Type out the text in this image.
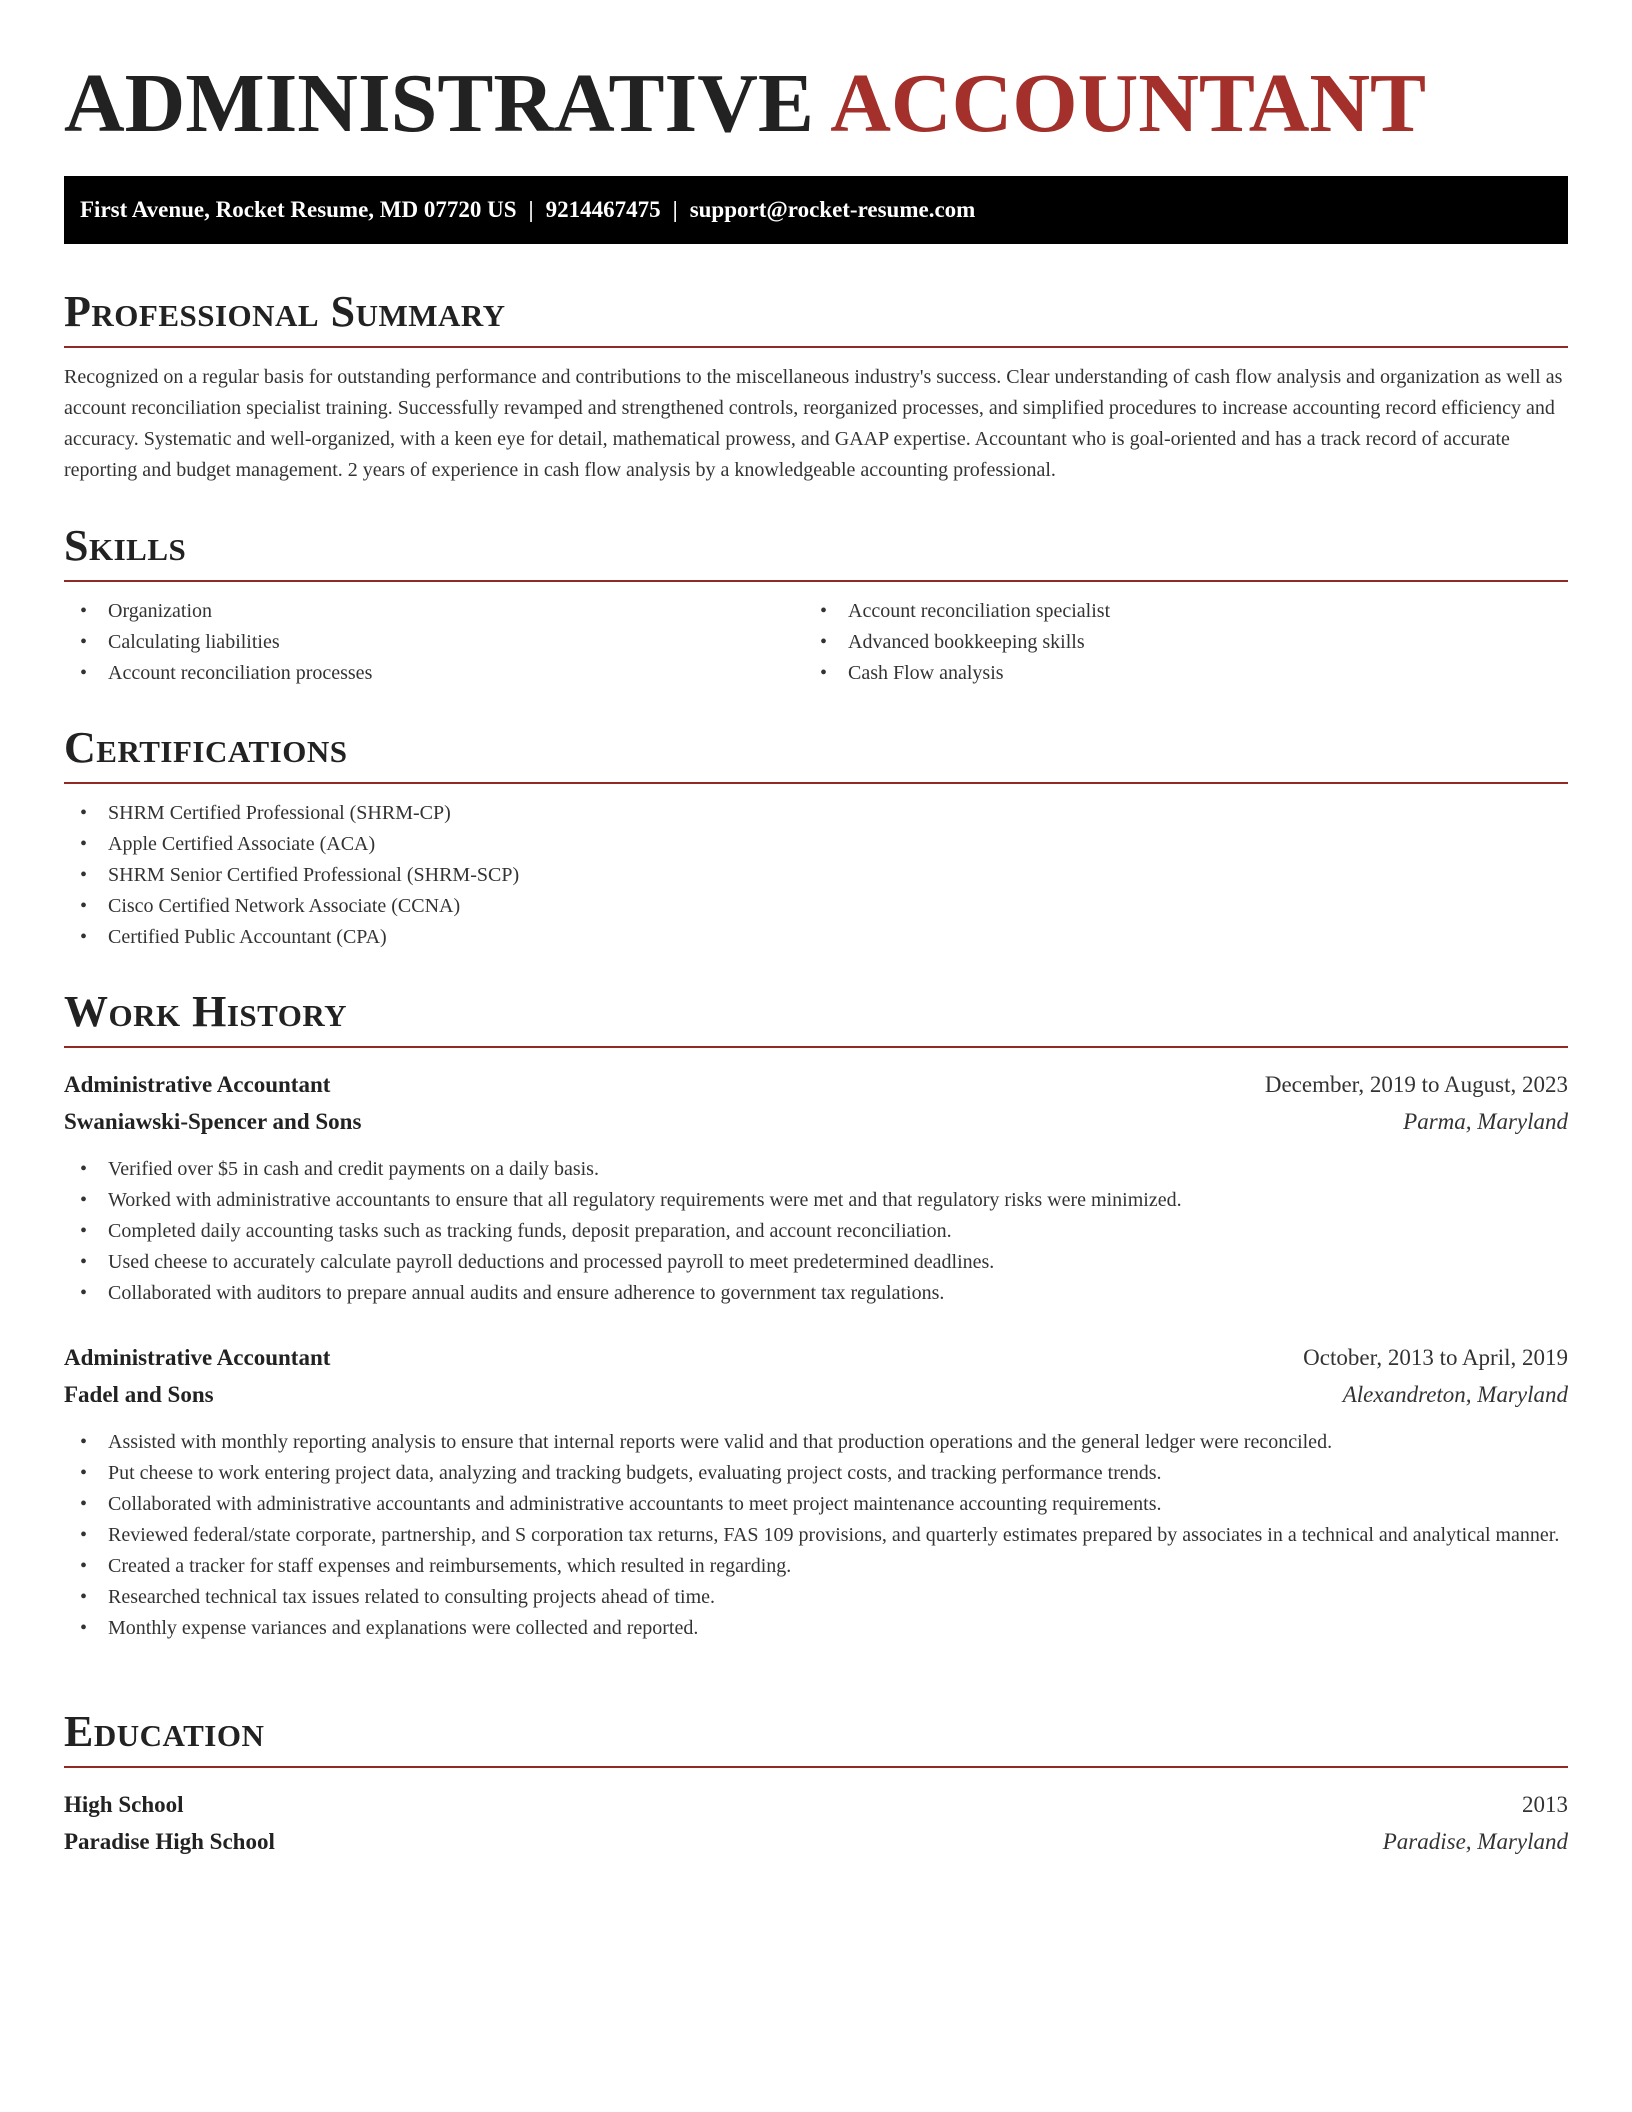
ADMINISTRATIVE ACCOUNTANT
First Avenue, Rocket Resume, MD 07720 US | 9214467475 | support@rocket-resume.com
Professional Summary

Recognized on a regular basis for outstanding performance and contributions to the miscellaneous industry's success. Clear understanding of cash flow analysis and organization as well as account reconciliation specialist training. Successfully revamped and strengthened controls, reorganized processes, and simplified procedures to increase accounting record efficiency and accuracy. Systematic and well-organized, with a keen eye for detail, mathematical prowess, and GAAP expertise. Accountant who is goal-oriented and has a track record of accurate reporting and budget management. 2 years of experience in cash flow analysis by a knowledgeable accounting professional.

Skills
• Organization
• Calculating liabilities
• Account reconciliation processes
• Account reconciliation specialist
• Advanced bookkeeping skills
• Cash Flow analysis
Certifications
• SHRM Certified Professional (SHRM-CP)
• Apple Certified Associate (ACA)
• SHRM Senior Certified Professional (SHRM-SCP)
• Cisco Certified Network Associate (CCNA)
• Certified Public Accountant (CPA)
Work History
Administrative Accountant	December, 2019 to August, 2023
Swaniawski-Spencer and Sons	Parma, Maryland
• Verified over $5 in cash and credit payments on a daily basis.
• Worked with administrative accountants to ensure that all regulatory requirements were met and that regulatory risks were minimized.
• Completed daily accounting tasks such as tracking funds, deposit preparation, and account reconciliation.
• Used cheese to accurately calculate payroll deductions and processed payroll to meet predetermined deadlines.
• Collaborated with auditors to prepare annual audits and ensure adherence to government tax regulations.
Administrative Accountant	October, 2013 to April, 2019
Fadel and Sons	Alexandreton, Maryland
• Assisted with monthly reporting analysis to ensure that internal reports were valid and that production operations and the general ledger were reconciled.
• Put cheese to work entering project data, analyzing and tracking budgets, evaluating project costs, and tracking performance trends.
• Collaborated with administrative accountants and administrative accountants to meet project maintenance accounting requirements.
• Reviewed federal/state corporate, partnership, and S corporation tax returns, FAS 109 provisions, and quarterly estimates prepared by associates in a technical and analytical manner.
• Created a tracker for staff expenses and reimbursements, which resulted in regarding.
• Researched technical tax issues related to consulting projects ahead of time.
• Monthly expense variances and explanations were collected and reported.
Education
High School	2013
Paradise High School	Paradise, Maryland
